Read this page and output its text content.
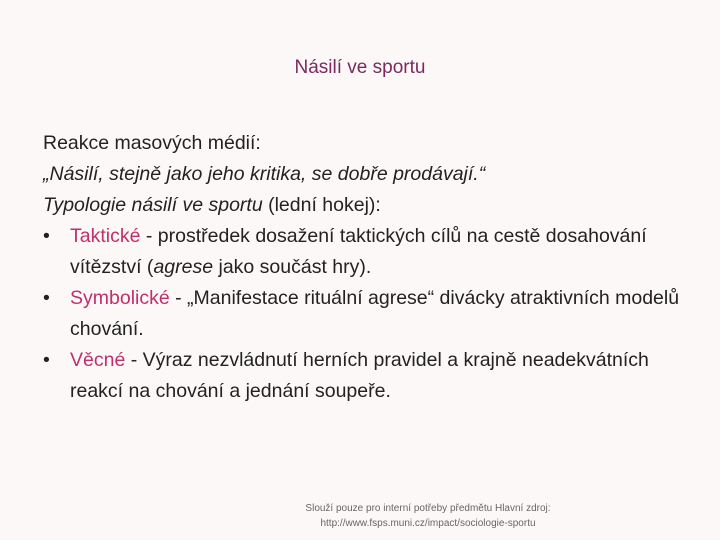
Násilí ve sportu
Reakce masových médií:
„Násilí, stejně jako jeho kritika, se dobře prodávají.“
Typologie násilí ve sportu (lední hokej):
• Taktické - prostředek dosažení taktických cílů na cestě dosahování vítězství (agrese jako součást hry).
• Symbolické - „Manifestace rituální agrese“ divácky atraktivních modelů chování.
• Věcné - Výraz nezvládnutí herních pravidel a krajně neadekvátních reakcí na chování a jednání soupeře.
Slouží pouze pro interní potřeby předmětu Hlavní zdroj:
http://www.fsps.muni.cz/impact/sociologie-sportu
